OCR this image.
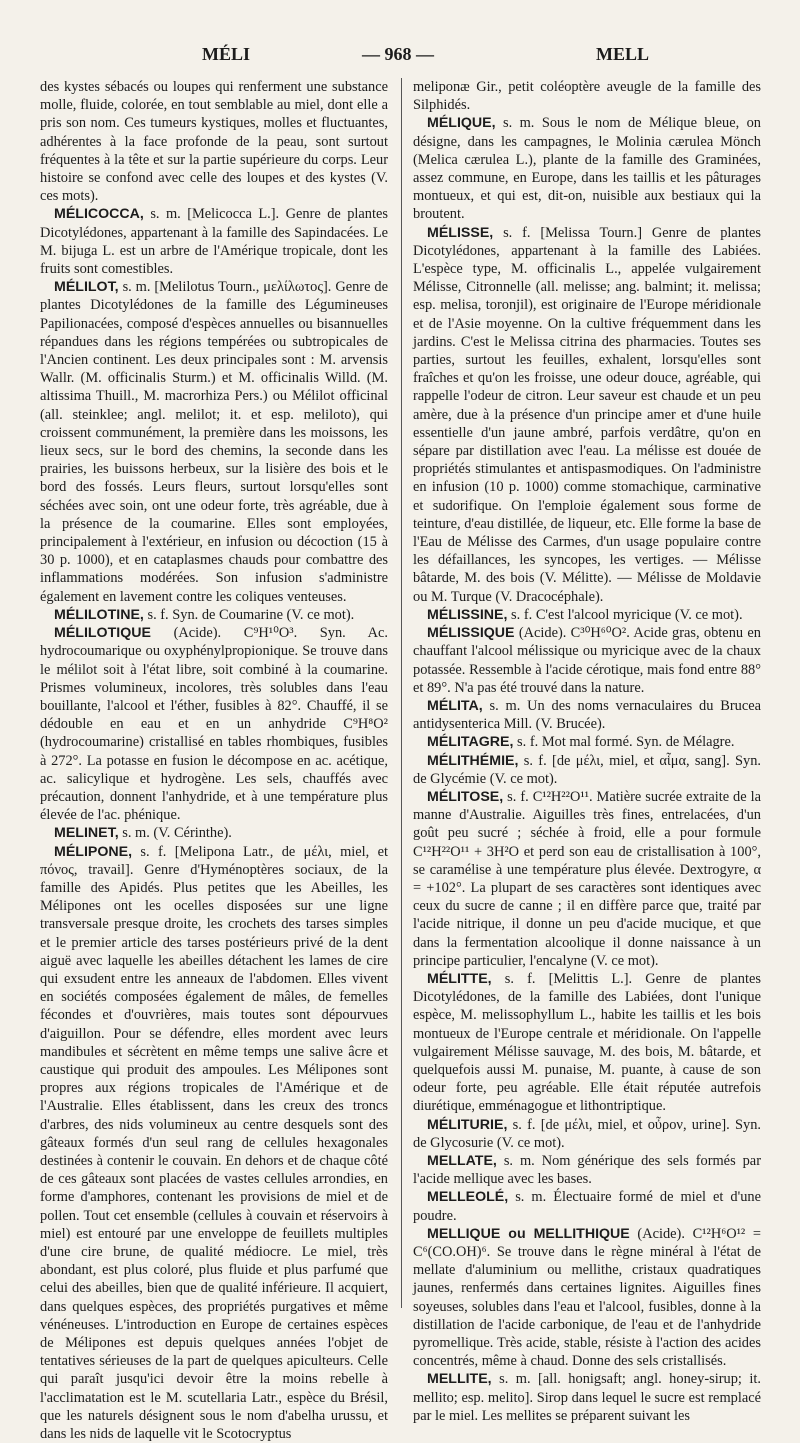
MÉLI	— 968 —	MELL

des kystes sébacés ou loupes qui renferment une substance molle, fluide, colorée, en tout semblable au miel, dont elle a pris son nom. Ces tumeurs kystiques, molles et fluctuantes, adhérentes à la face profonde de la peau, sont surtout fréquentes à la tête et sur la partie supérieure du corps. Leur histoire se confond avec celle des loupes et des kystes (V. ces mots).

MÉLICOCCA, s. m. [Melicocca L.]. Genre de plantes Dicotylédones, appartenant à la famille des Sapindacées. Le M. bijuga L. est un arbre de l'Amérique tropicale, dont les fruits sont comestibles.

MÉLILOT, s. m. [Melilotus Tourn., μελίλωτος]. Genre de plantes Dicotylédones de la famille des Légumineuses Papilionacées, composé d'espèces annuelles ou bisannuelles répandues dans les régions tempérées ou subtropicales de l'Ancien continent. Les deux principales sont : M. arvensis Wallr. (M. officinalis Sturm.) et M. officinalis Willd. (M. altissima Thuill., M. macrorhiza Pers.) ou Mélilot officinal (all. steinklee; angl. melilot; it. et esp. meliloto), qui croissent communément, la première dans les moissons, les lieux secs, sur le bord des chemins, la seconde dans les prairies, les buissons herbeux, sur la lisière des bois et le bord des fossés. Leurs fleurs, surtout lorsqu'elles sont séchées avec soin, ont une odeur forte, très agréable, due à la présence de la coumarine. Elles sont employées, principalement à l'extérieur, en infusion ou décoction (15 à 30 p. 1000), et en cataplasmes chauds pour combattre des inflammations modérées. Son infusion s'administre également en lavement contre les coliques venteuses.

MÉLILOTINE, s. f. Syn. de Coumarine (V. ce mot).

MÉLILOTIQUE (Acide). C⁹H¹⁰O³. Syn. Ac. hydrocoumarique ou oxyphénylpropionique. Se trouve dans le mélilot soit à l'état libre, soit combiné à la coumarine. Prismes volumineux, incolores, très solubles dans l'eau bouillante, l'alcool et l'éther, fusibles à 82°. Chauffé, il se dédouble en eau et en un anhydride C⁹H⁸O² (hydrocoumarine) cristallisé en tables rhombiques, fusibles à 272°. La potasse en fusion le décompose en ac. acétique, ac. salicylique et hydrogène. Les sels, chauffés avec précaution, donnent l'anhydride, et à une température plus élevée de l'ac. phénique.

MELINET, s. m. (V. Cérinthe).

MÉLIPONE, s. f. [Melipona Latr., de μέλι, miel, et πόνος, travail]. Genre d'Hyménoptères sociaux, de la famille des Apidés. Plus petites que les Abeilles, les Mélipones ont les ocelles disposées sur une ligne transversale presque droite, les crochets des tarses simples et le premier article des tarses postérieurs privé de la dent aiguë avec laquelle les abeilles détachent les lames de cire qui exsudent entre les anneaux de l'abdomen. Elles vivent en sociétés composées également de mâles, de femelles fécondes et d'ouvrières, mais toutes sont dépourvues d'aiguillon. Pour se défendre, elles mordent avec leurs mandibules et sécrètent en même temps une salive âcre et caustique qui produit des ampoules. Les Mélipones sont propres aux régions tropicales de l'Amérique et de l'Australie. Elles établissent, dans les creux des troncs d'arbres, des nids volumineux au centre desquels sont des gâteaux formés d'un seul rang de cellules hexagonales destinées à contenir le couvain. En dehors et de chaque côté de ces gâteaux sont placées de vastes cellules arrondies, en forme d'amphores, contenant les provisions de miel et de pollen. Tout cet ensemble (cellules à couvain et réservoirs à miel) est entouré par une enveloppe de feuillets multiples d'une cire brune, de qualité médiocre. Le miel, très abondant, est plus coloré, plus fluide et plus parfumé que celui des abeilles, bien que de qualité inférieure. Il acquiert, dans quelques espèces, des propriétés purgatives et même vénéneuses. L'introduction en Europe de certaines espèces de Mélipones est depuis quelques années l'objet de tentatives sérieuses de la part de quelques apiculteurs. Celle qui paraît jusqu'ici devoir être la moins rebelle à l'acclimatation est le M. scutellaria Latr., espèce du Brésil, que les naturels désignent sous le nom d'abelha urussu, et dans les nids de laquelle vit le Scotocryptus

meliponæ Gir., petit coléoptère aveugle de la famille des Silphidés.

MÉLIQUE, s. m. Sous le nom de Mélique bleue, on désigne, dans les campagnes, le Molinia cærulea Mönch (Melica cærulea L.), plante de la famille des Graminées, assez commune, en Europe, dans les taillis et les pâturages montueux, et qui est, dit-on, nuisible aux bestiaux qui la broutent.

MÉLISSE, s. f. [Melissa Tourn.] Genre de plantes Dicotylédones, appartenant à la famille des Labiées. L'espèce type, M. officinalis L., appelée vulgairement Mélisse, Citronnelle (all. melisse; ang. balmint; it. melissa; esp. melisa, toronjil), est originaire de l'Europe méridionale et de l'Asie moyenne. On la cultive fréquemment dans les jardins. C'est le Melissa citrina des pharmacies. Toutes ses parties, surtout les feuilles, exhalent, lorsqu'elles sont fraîches et qu'on les froisse, une odeur douce, agréable, qui rappelle l'odeur de citron. Leur saveur est chaude et un peu amère, due à la présence d'un principe amer et d'une huile essentielle d'un jaune ambré, parfois verdâtre, qu'on en sépare par distillation avec l'eau. La mélisse est douée de propriétés stimulantes et antispasmodiques. On l'administre en infusion (10 p. 1000) comme stomachique, carminative et sudorifique. On l'emploie également sous forme de teinture, d'eau distillée, de liqueur, etc. Elle forme la base de l'Eau de Mélisse des Carmes, d'un usage populaire contre les défaillances, les syncopes, les vertiges. — Mélisse bâtarde, M. des bois (V. Mélitte). — Mélisse de Moldavie ou M. Turque (V. Dracocéphale).

MÉLISSINE, s. f. C'est l'alcool myricique (V. ce mot).

MÉLISSIQUE (Acide). C³⁰H⁶⁰O². Acide gras, obtenu en chauffant l'alcool mélissique ou myricique avec de la chaux potassée. Ressemble à l'acide cérotique, mais fond entre 88° et 89°. N'a pas été trouvé dans la nature.

MÉLITA, s. m. Un des noms vernaculaires du Brucea antidysenterica Mill. (V. Brucée).

MÉLITAGRE, s. f. Mot mal formé. Syn. de Mélagre.

MÉLITHÉMIE, s. f. [de μέλι, miel, et αἷμα, sang]. Syn. de Glycémie (V. ce mot).

MÉLITOSE, s. f. C¹²H²²O¹¹. Matière sucrée extraite de la manne d'Australie. Aiguilles très fines, entrelacées, d'un goût peu sucré ; séchée à froid, elle a pour formule C¹²H²²O¹¹ + 3H²O et perd son eau de cristallisation à 100°, se caramélise à une température plus élevée. Dextrogyre, α = +102°. La plupart de ses caractères sont identiques avec ceux du sucre de canne ; il en diffère parce que, traité par l'acide nitrique, il donne un peu d'acide mucique, et que dans la fermentation alcoolique il donne naissance à un principe particulier, l'encalyne (V. ce mot).

MÉLITTE, s. f. [Melittis L.]. Genre de plantes Dicotylédones, de la famille des Labiées, dont l'unique espèce, M. melissophyllum L., habite les taillis et les bois montueux de l'Europe centrale et méridionale. On l'appelle vulgairement Mélisse sauvage, M. des bois, M. bâtarde, et quelquefois aussi M. punaise, M. puante, à cause de son odeur forte, peu agréable. Elle était réputée autrefois diurétique, emménagogue et lithontriptique.

MÉLITURIE, s. f. [de μέλι, miel, et οὖρον, urine]. Syn. de Glycosurie (V. ce mot).

MELLATE, s. m. Nom générique des sels formés par l'acide mellique avec les bases.

MELLEOLÉ, s. m. Électuaire formé de miel et d'une poudre.

MELLIQUE ou MELLITHIQUE (Acide). C¹²H⁶O¹² = C⁶(CO.OH)⁶. Se trouve dans le règne minéral à l'état de mellate d'aluminium ou mellithe, cristaux quadratiques jaunes, renfermés dans certaines lignites. Aiguilles fines soyeuses, solubles dans l'eau et l'alcool, fusibles, donne à la distillation de l'acide carbonique, de l'eau et de l'anhydride pyromellique. Très acide, stable, résiste à l'action des acides concentrés, même à chaud. Donne des sels cristallisés.

MELLITE, s. m. [all. honigsaft; angl. honey-sirup; it. mellito; esp. melito]. Sirop dans lequel le sucre est remplacé par le miel. Les mellites se préparent suivant les
